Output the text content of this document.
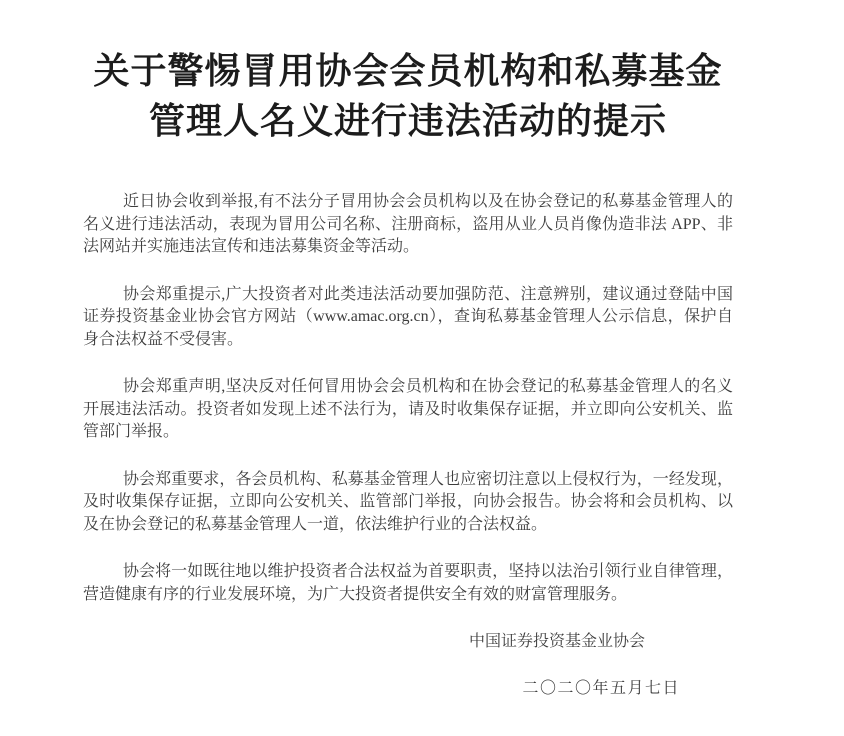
关于警惕冒用协会会员机构和私募基金
管理人名义进行违法活动的提示

近日协会收到举报,有不法分子冒用协会会员机构以及在协会登记的私募基金管理人的名义进行违法活动，表现为冒用公司名称、注册商标，盗用从业人员肖像伪造非法 APP、非法网站并实施违法宣传和违法募集资金等活动。

协会郑重提示,广大投资者对此类违法活动要加强防范、注意辨别，建议通过登陆中国证券投资基金业协会官方网站（www.amac.org.cn），查询私募基金管理人公示信息，保护自身合法权益不受侵害。

协会郑重声明,坚决反对任何冒用协会会员机构和在协会登记的私募基金管理人的名义开展违法活动。投资者如发现上述不法行为，请及时收集保存证据，并立即向公安机关、监管部门举报。

协会郑重要求，各会员机构、私募基金管理人也应密切注意以上侵权行为，一经发现，及时收集保存证据，立即向公安机关、监管部门举报，向协会报告。协会将和会员机构、以及在协会登记的私募基金管理人一道，依法维护行业的合法权益。

协会将一如既往地以维护投资者合法权益为首要职责，坚持以法治引领行业自律管理，营造健康有序的行业发展环境，为广大投资者提供安全有效的财富管理服务。

中国证券投资基金业协会

二〇二〇年五月七日
